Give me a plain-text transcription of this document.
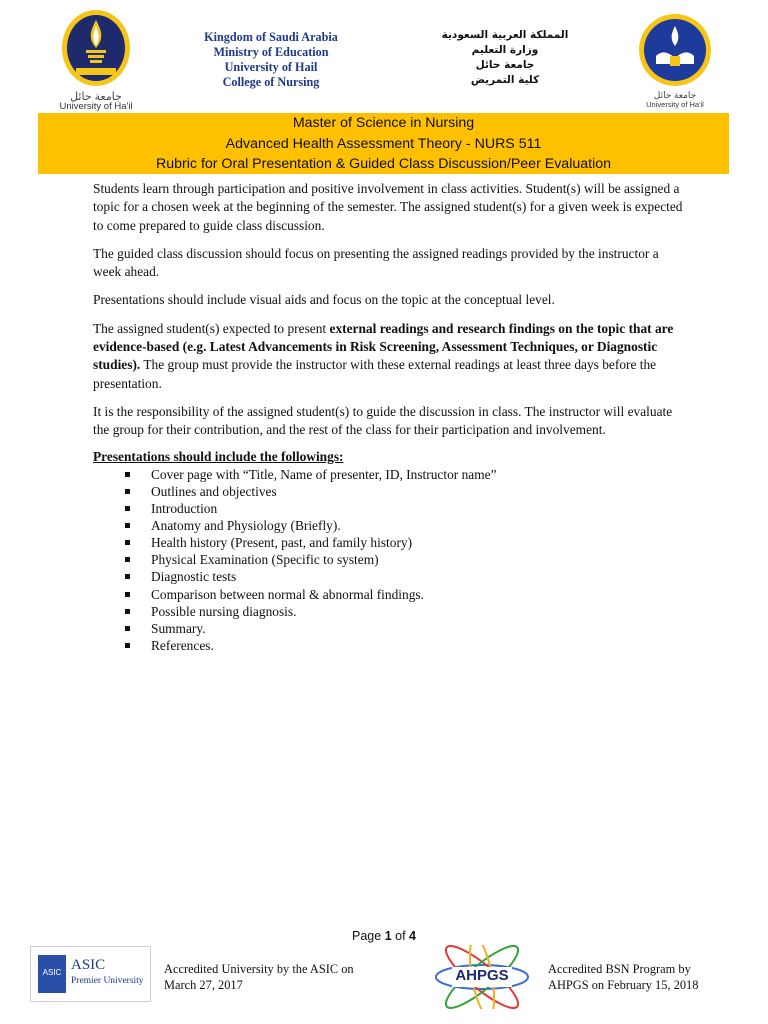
جامعة حائل
University of Ha'il
Kingdom of Saudi Arabia
Ministry of Education
University of Hail
College of Nursing
المملكة العربية السعودية
وزارة التعليم
جامعة حائل
كلية التمريض
جامعة حائل
University of Ha'il
Master of Science in Nursing
Advanced Health Assessment Theory - NURS 511
Rubric for Oral Presentation & Guided Class Discussion/Peer Evaluation

Students learn through participation and positive involvement in class activities. Student(s) will be assigned a topic for a chosen week at the beginning of the semester. The assigned student(s) for a given week is expected to come prepared to guide class discussion.

The guided class discussion should focus on presenting the assigned readings provided by the instructor a week ahead.

Presentations should include visual aids and focus on the topic at the conceptual level.

The assigned student(s) expected to present external readings and research findings on the topic that are evidence-based (e.g. Latest Advancements in Risk Screening, Assessment Techniques, or Diagnostic studies). The group must provide the instructor with these external readings at least three days before the presentation.

It is the responsibility of the assigned student(s) to guide the discussion in class. The instructor will evaluate the group for their contribution, and the rest of the class for their participation and involvement.

Presentations should include the followings:
Cover page with “Title, Name of presenter, ID, Instructor name”
Outlines and objectives
Introduction
Anatomy and Physiology (Briefly).
Health history (Present, past, and family history)
Physical Examination (Specific to system)
Diagnostic tests
Comparison between normal & abnormal findings.
Possible nursing diagnosis.
Summary.
References.
Page 1 of 4
ASIC ASIC
Premier University
Accredited University by the ASIC on
March 27, 2017
AHPGS	Accredited BSN Program by
AHPGS on February 15, 2018
